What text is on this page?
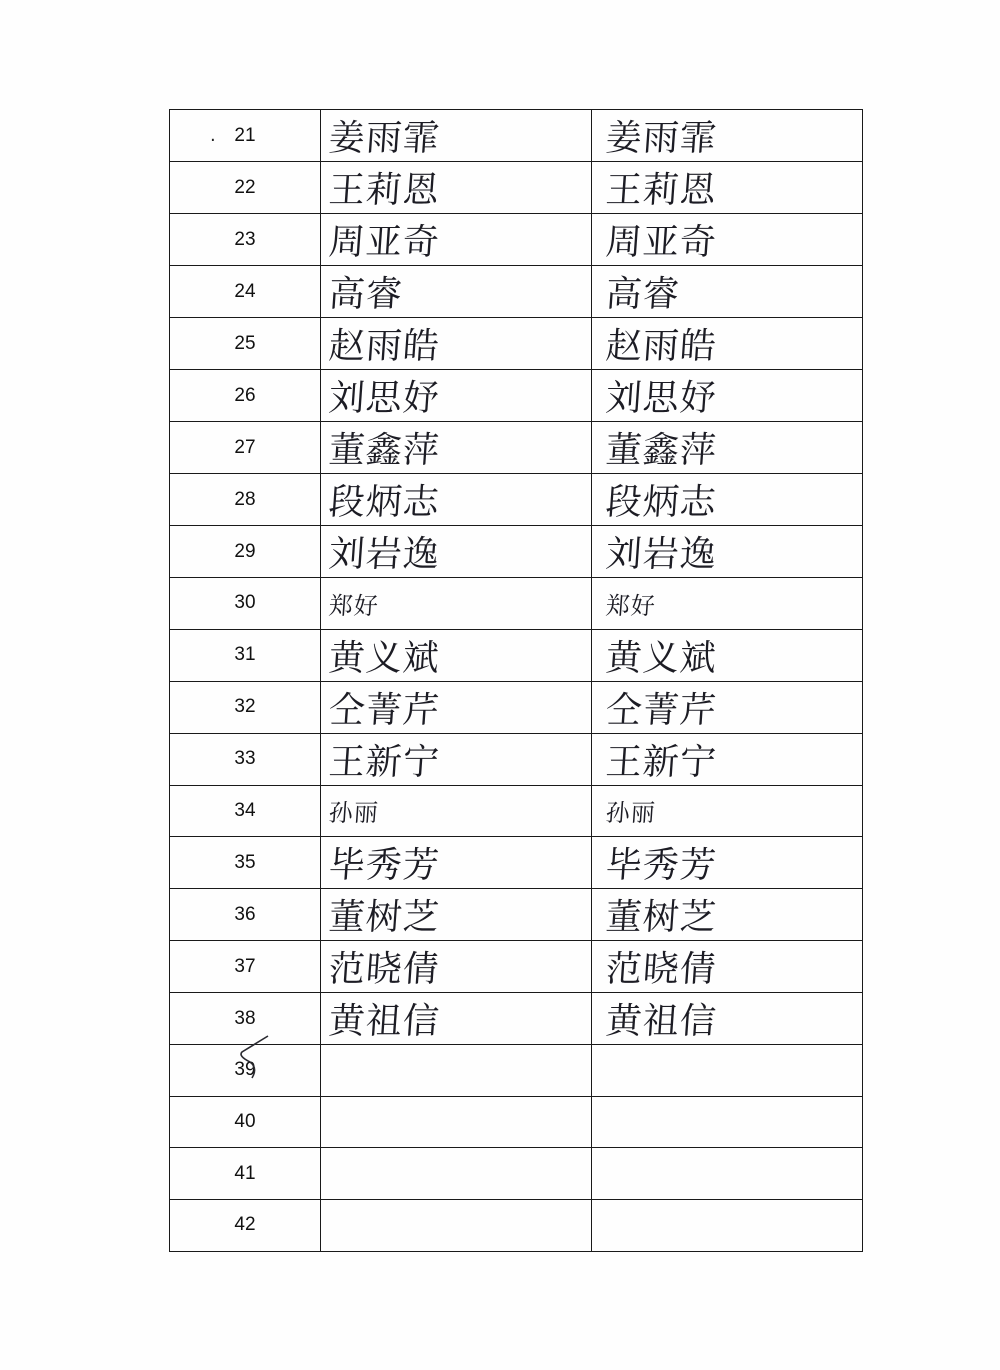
21	姜雨霏	姜雨霏
22	王莉恩	王莉恩
23	周亚奇	周亚奇
24	高睿	高睿
25	赵雨皓	赵雨皓
26	刘思妤	刘思妤
27	董鑫萍	董鑫萍
28	段炳志	段炳志
29	刘岩逸	刘岩逸
30	郑好	郑好
31	黄义斌	黄义斌
32	仝菁芹	仝菁芹
33	王新宁	王新宁
34	孙丽	孙丽
35	毕秀芳	毕秀芳
36	董树芝	董树芝
37	范晓倩	范晓倩
38	黄祖信	黄祖信
39		
40		
41		
42		
·
